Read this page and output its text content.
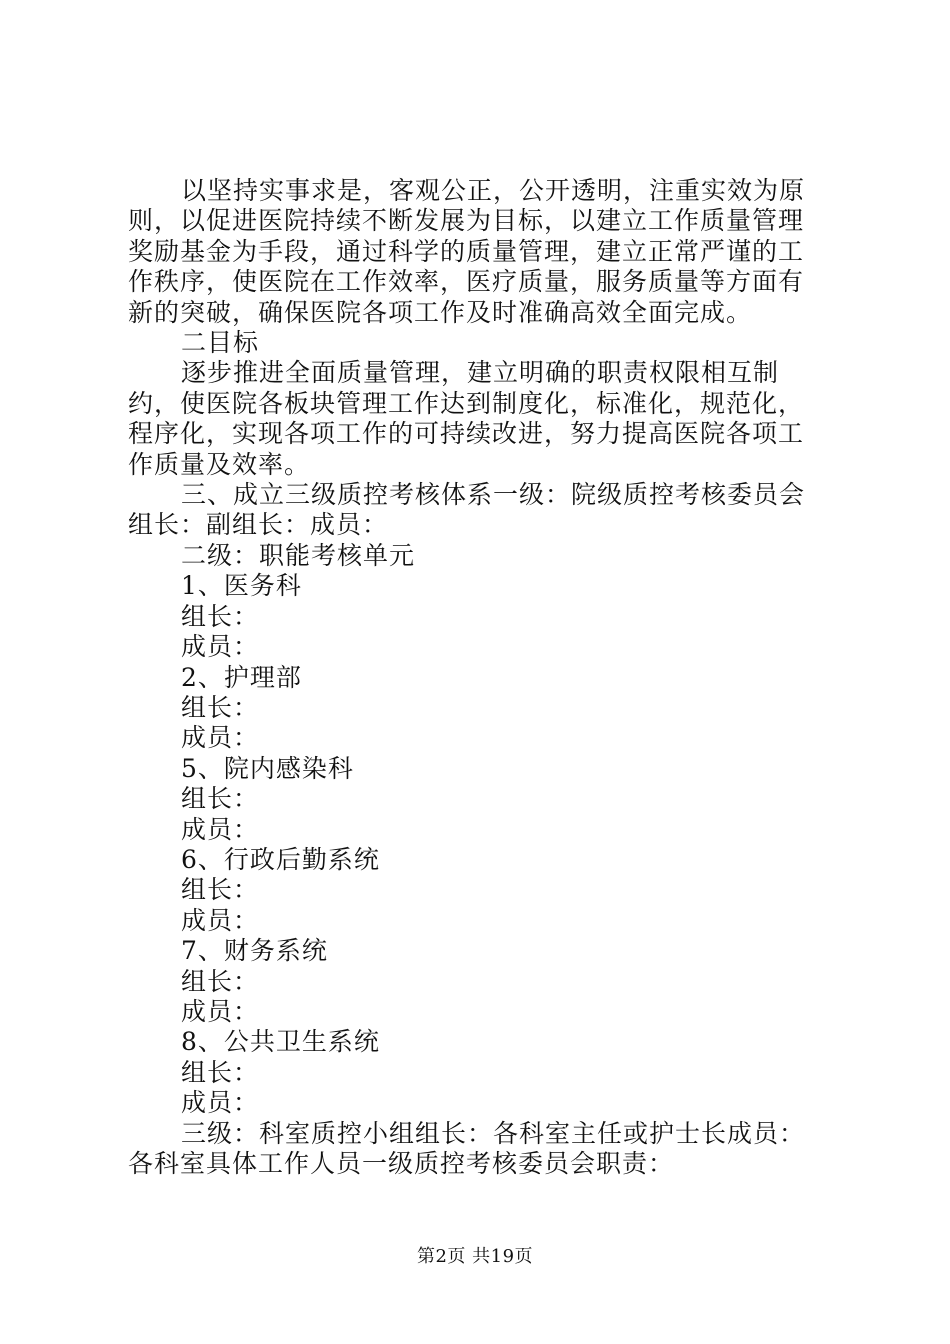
以坚持实事求是，客观公正，公开透明，注重实效为原则，以促进医院持续不断发展为目标，以建立工作质量管理奖励基金为手段，通过科学的质量管理，建立正常严谨的工作秩序，使医院在工作效率，医疗质量，服务质量等方面有新的突破，确保医院各项工作及时准确高效全面完成。

二目标

逐步推进全面质量管理，建立明确的职责权限相互制约，使医院各板块管理工作达到制度化，标准化，规范化，程序化，实现各项工作的可持续改进，努力提高医院各项工作质量及效率。

三、成立三级质控考核体系一级：院级质控考核委员会组长：副组长：成员：

二级：职能考核单元

1、医务科

组长：

成员：

2、护理部

组长：

成员：

5、院内感染科

组长：

成员：

6、行政后勤系统

组长：

成员：

7、财务系统

组长：

成员：

8、公共卫生系统

组长：

成员：

三级：科室质控小组组长：各科室主任或护士长成员：各科室具体工作人员一级质控考核委员会职责：

第2页 共19页
